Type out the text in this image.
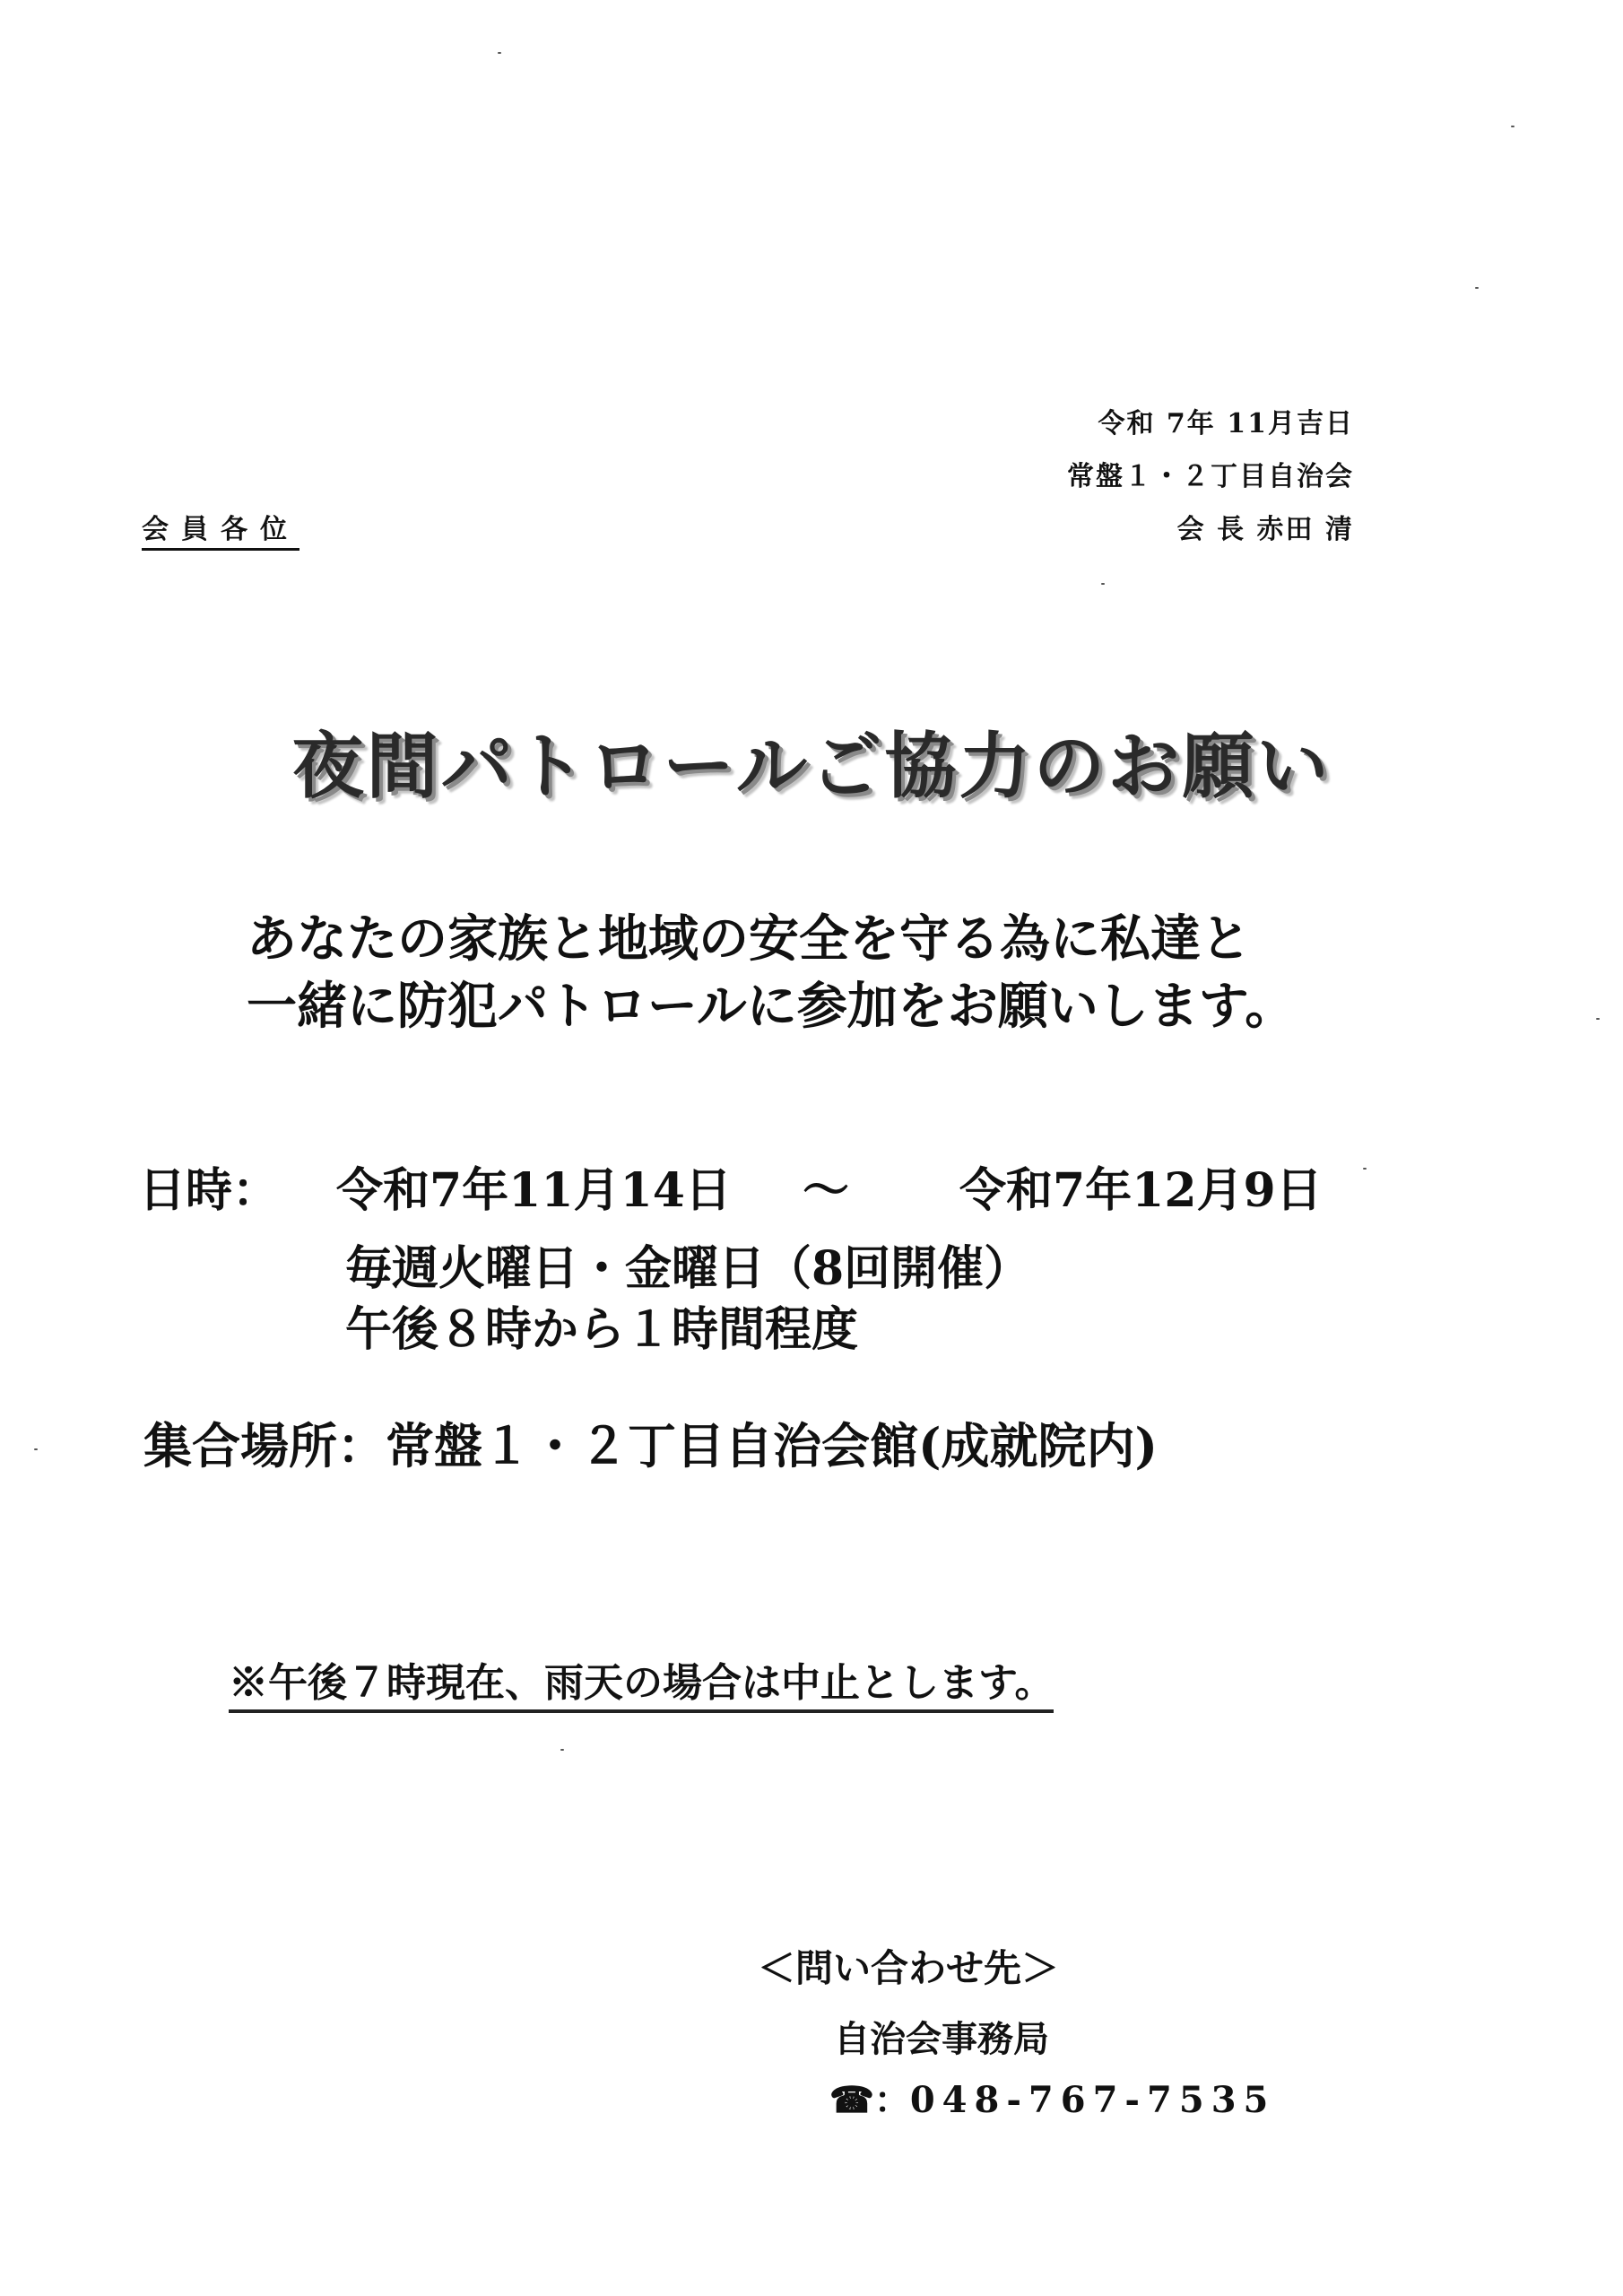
令和 7年 11月吉日
常盤１・２丁目自治会
会 長 赤田 清
会員各位
夜間パトロールご協力のお願い
あなたの家族と地域の安全を守る為に私達と
一緒に防犯パトロールに参加をお願いします。
日時： 令和7年11月14日 ～ 令和7年12月9日
毎週火曜日・金曜日（8回開催）
午後８時から１時間程度
集合場所：常盤１・２丁目自治会館(成就院内)
※午後７時現在、雨天の場合は中止とします。
＜問い合わせ先＞
自治会事務局
☎：048-767-7535
